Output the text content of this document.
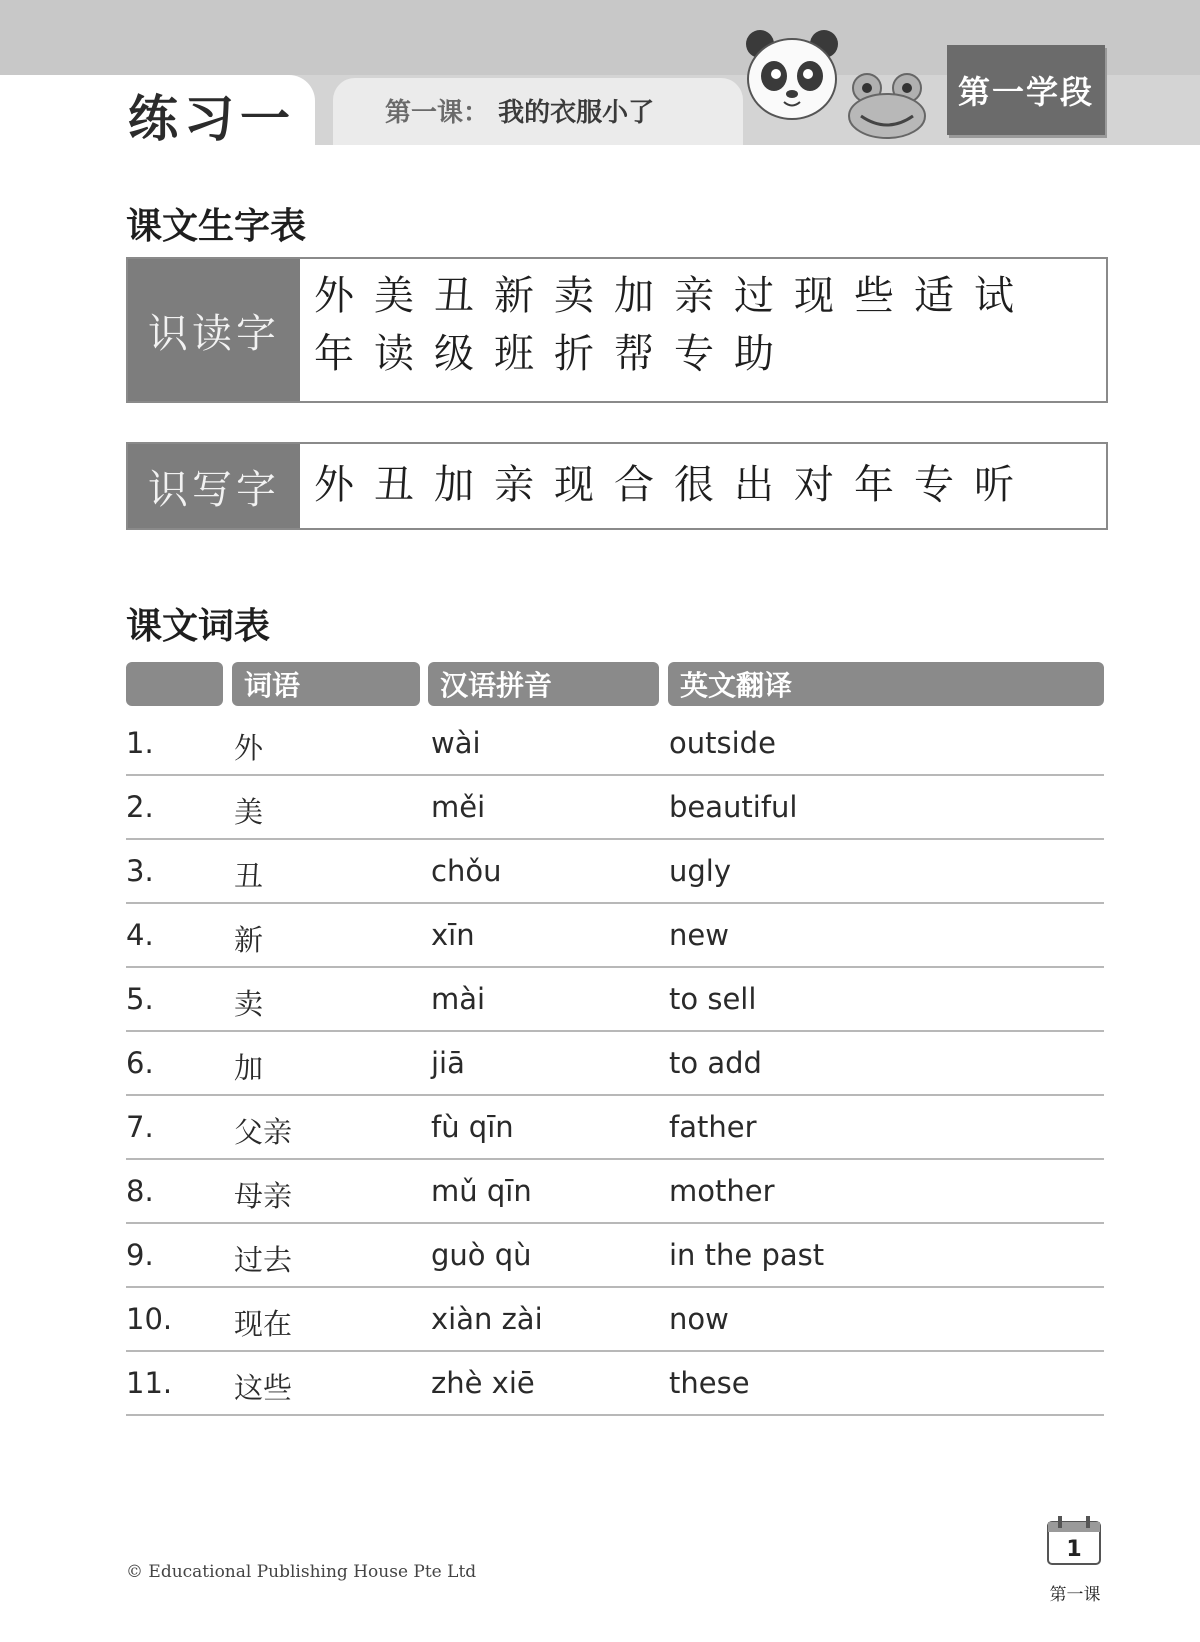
练习一	第一课： 我的衣服小了
第一学段
课文生字表
识读字
外美丑新卖加亲过现些适试
年读级班折帮专助
识写字 外丑加亲现合很出对年专听
课文词表
词语	汉语拼音	英文翻译
1.	外	wài	outside
2.	美	měi	beautiful
3.	丑	chǒu	ugly
4.	新	xīn	new
5.	卖	mài	to sell
6.	加	jiā	to add
7.	父亲	fù qīn	father
8.	母亲	mǔ qīn	mother
9.	过去	guò qù	in the past
10. 现在	xiàn zài	now
11. 这些	zhè xiē	these
© Educational Publishing House Pte Ltd
1
第一课
